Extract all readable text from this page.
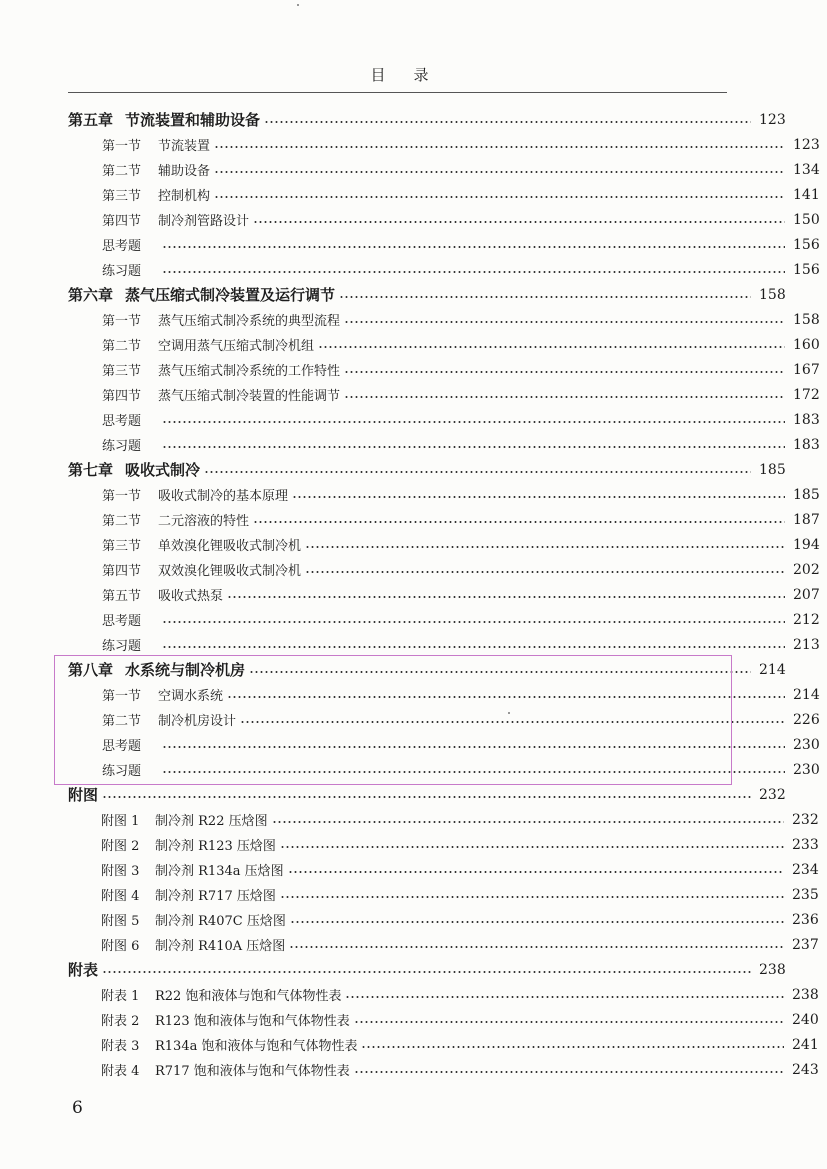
目录
第五章 节流装置和辅助设备	123
第一节	节流装置	123
第二节	辅助设备	134
第三节	控制机构	141
第四节	制冷剂管路设计	150
思考题	156
练习题	156
第六章 蒸气压缩式制冷装置及运行调节	158
第一节	蒸气压缩式制冷系统的典型流程	158
第二节	空调用蒸气压缩式制冷机组	160
第三节	蒸气压缩式制冷系统的工作特性	167
第四节	蒸气压缩式制冷装置的性能调节	172
思考题	183
练习题	183
第七章 吸收式制冷	185
第一节	吸收式制冷的基本原理	185
第二节	二元溶液的特性	187
第三节	单效溴化锂吸收式制冷机	194
第四节	双效溴化锂吸收式制冷机	202
第五节	吸收式热泵	207
思考题	212
练习题	213
第八章 水系统与制冷机房	214
第一节	空调水系统	214
第二节	制冷机房设计	226
思考题	230
练习题	230
附图	232
附图 1	制冷剂 R22 压焓图	232
附图 2	制冷剂 R123 压焓图	233
附图 3	制冷剂 R134a 压焓图	234
附图 4	制冷剂 R717 压焓图	235
附图 5	制冷剂 R407C 压焓图	236
附图 6	制冷剂 R410A 压焓图	237
附表	238
附表 1	R22 饱和液体与饱和气体物性表	238
附表 2	R123 饱和液体与饱和气体物性表	240
附表 3	R134a 饱和液体与饱和气体物性表	241
附表 4	R717 饱和液体与饱和气体物性表	243
6
